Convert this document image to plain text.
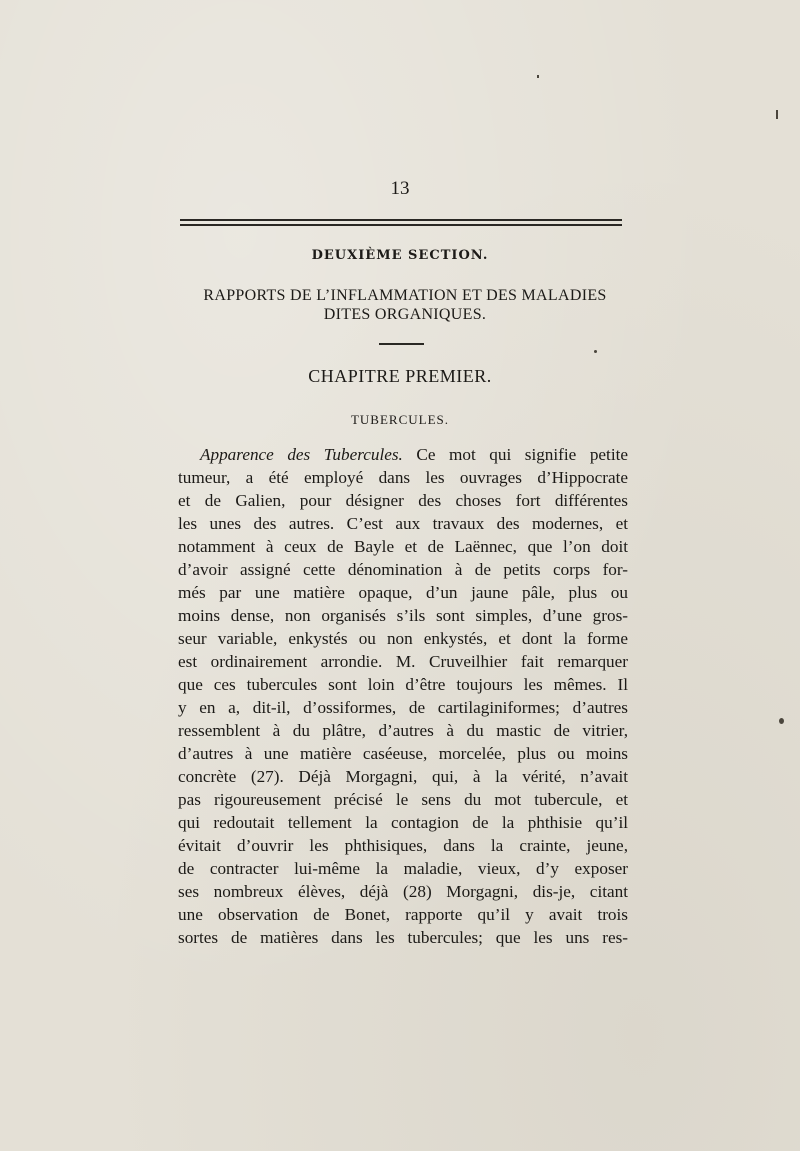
13
DEUXIÈME SECTION.
RAPPORTS DE L’INFLAMMATION ET DES MALADIES
DITES ORGANIQUES.
CHAPITRE PREMIER.
TUBERCULES.
Apparence des Tubercules. Ce mot qui signifie petite
tumeur, a été employé dans les ouvrages d’Hippocrate
et de Galien, pour désigner des choses fort différentes
les unes des autres. C’est aux travaux des modernes, et
notamment à ceux de Bayle et de Laënnec, que l’on doit
d’avoir assigné cette dénomination à de petits corps for-
més par une matière opaque, d’un jaune pâle, plus ou
moins dense, non organisés s’ils sont simples, d’une gros-
seur variable, enkystés ou non enkystés, et dont la forme
est ordinairement arrondie. M. Cruveilhier fait remarquer
que ces tubercules sont loin d’être toujours les mêmes. Il
y en a, dit-il, d’ossiformes, de cartilaginiformes; d’autres
ressemblent à du plâtre, d’autres à du mastic de vitrier,
d’autres à une matière caséeuse, morcelée, plus ou moins
concrète (27). Déjà Morgagni, qui, à la vérité, n’avait
pas rigoureusement précisé le sens du mot tubercule, et
qui redoutait tellement la contagion de la phthisie qu’il
évitait d’ouvrir les phthisiques, dans la crainte, jeune,
de contracter lui-même la maladie, vieux, d’y exposer
ses nombreux élèves, déjà (28) Morgagni, dis-je, citant
une observation de Bonet, rapporte qu’il y avait trois
sortes de matières dans les tubercules; que les uns res-
